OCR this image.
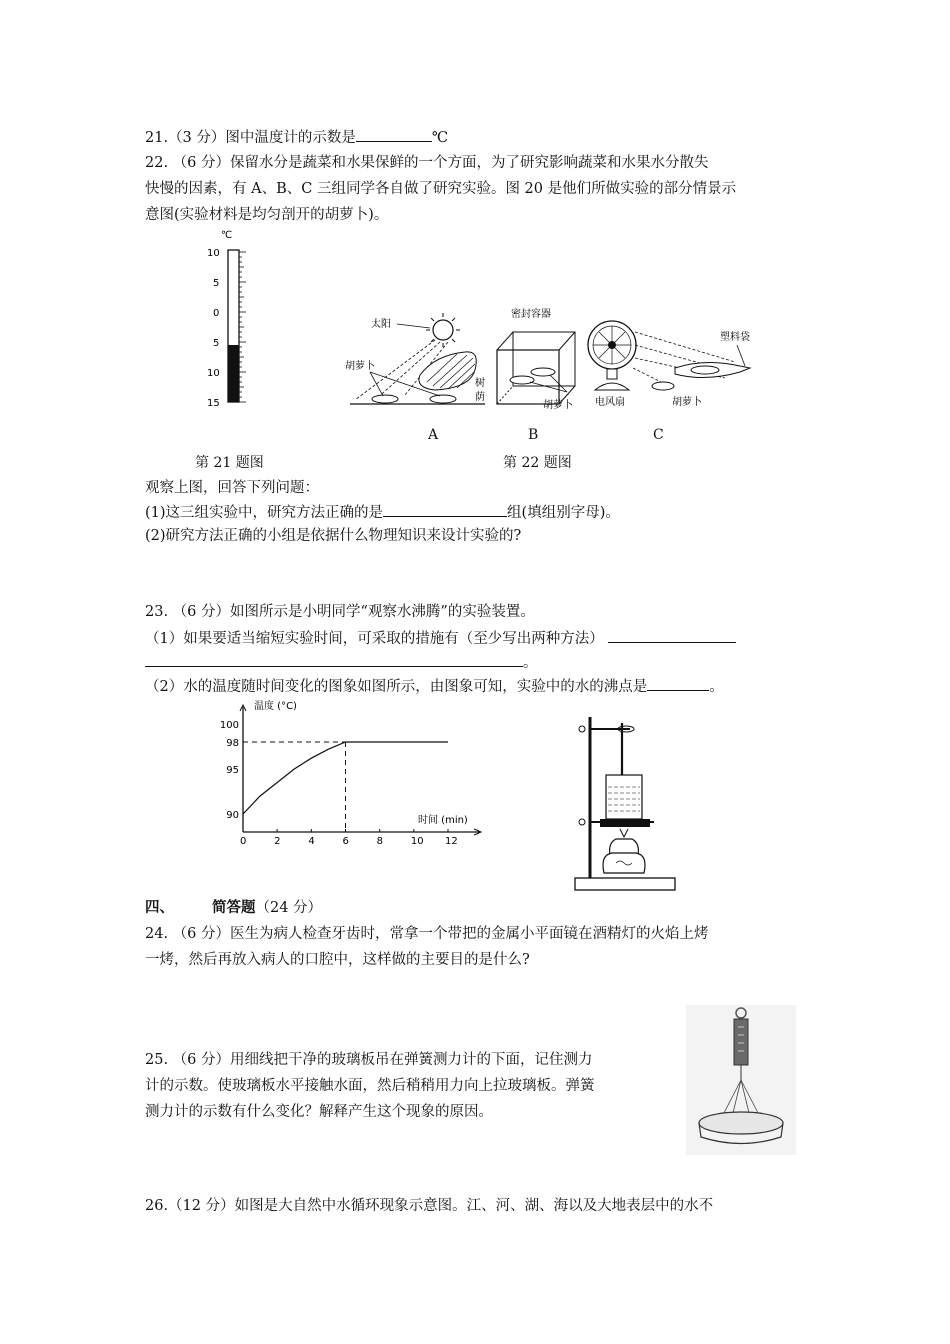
21.（3 分）图中温度计的示数是	℃
22. （6 分）保留水分是蔬菜和水果保鲜的一个方面，为了研究影响蔬菜和水果水分散失
快慢的因素，有 A、B、C 三组同学各自做了研究实验。图 20 是他们所做实验的部分情景示
意图(实验材料是均匀剖开的胡萝卜)。
℃
10
5
0
5
10
15
太阳
胡萝卜
树
荫
密封容器
胡萝卜
塑料袋
电风扇	胡萝卜
A	B	C
第 21 题图	第 22 题图
观察上图，回答下列问题：
(1)这三组实验中，研究方法正确的是	组(填组别字母)。
(2)研究方法正确的小组是依据什么物理知识来设计实验的?
23. （6 分）如图所示是小明同学“观察水沸腾”的实验装置。
（1）如果要适当缩短实验时间，可采取的措施有（至少写出两种方法）
。
（2）水的温度随时间变化的图象如图所示，由图象可知，实验中的水的沸点是	。
温度 (°C)
时间 (min)
0	2	4	6	8	10 12
90
95
98
100
四、	简答题（24 分）
24. （6 分）医生为病人检查牙齿时，常拿一个带把的金属小平面镜在酒精灯的火焰上烤
一烤，然后再放入病人的口腔中，这样做的主要目的是什么?
25. （6 分）用细线把干净的玻璃板吊在弹簧测力计的下面，记住测力
计的示数。使玻璃板水平接触水面，然后稍稍用力向上拉玻璃板。弹簧
测力计的示数有什么变化？解释产生这个现象的原因。
26.（12 分）如图是大自然中水循环现象示意图。江、河、湖、海以及大地表层中的水不
